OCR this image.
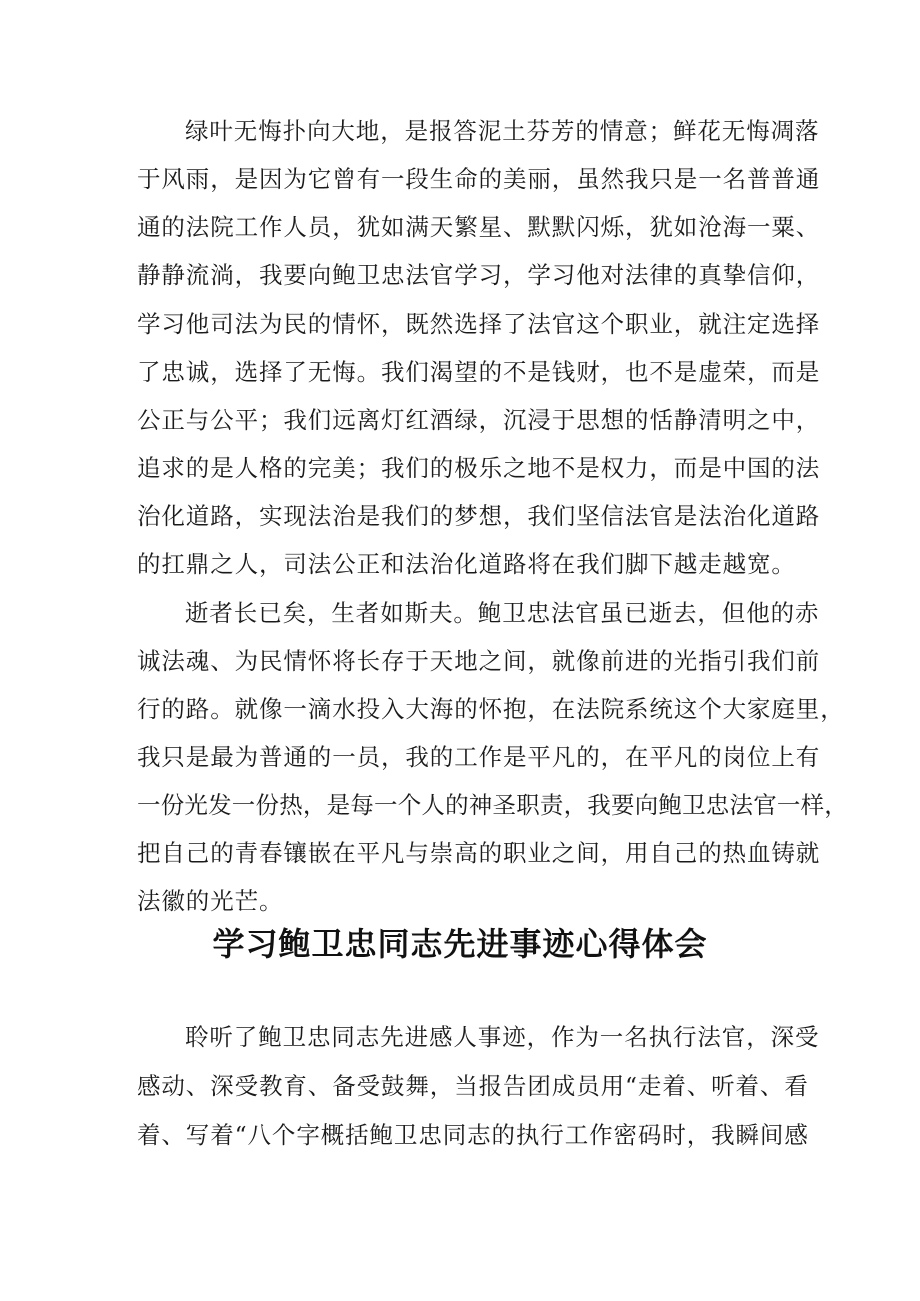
绿叶无悔扑向大地，是报答泥土芬芳的情意；鲜花无悔凋落
于风雨，是因为它曾有一段生命的美丽，虽然我只是一名普普通
通的法院工作人员，犹如满天繁星、默默闪烁，犹如沧海一粟、
静静流淌，我要向鲍卫忠法官学习，学习他对法律的真挚信仰，
学习他司法为民的情怀，既然选择了法官这个职业，就注定选择
了忠诚，选择了无悔。我们渴望的不是钱财，也不是虚荣，而是
公正与公平；我们远离灯红酒绿，沉浸于思想的恬静清明之中，
追求的是人格的完美；我们的极乐之地不是权力，而是中国的法
治化道路，实现法治是我们的梦想，我们坚信法官是法治化道路
的扛鼎之人，司法公正和法治化道路将在我们脚下越走越宽。
逝者长已矣，生者如斯夫。鲍卫忠法官虽已逝去，但他的赤
诚法魂、为民情怀将长存于天地之间，就像前进的光指引我们前
行的路。就像一滴水投入大海的怀抱，在法院系统这个大家庭里，
我只是最为普通的一员，我的工作是平凡的，在平凡的岗位上有
一份光发一份热，是每一个人的神圣职责，我要向鲍卫忠法官一样，
把自己的青春镶嵌在平凡与崇高的职业之间，用自己的热血铸就
法徽的光芒。
学习鲍卫忠同志先进事迹心得体会
聆听了鲍卫忠同志先进感人事迹，作为一名执行法官，深受
感动、深受教育、备受鼓舞，当报告团成员用“走着、听着、看
着、写着“八个字概括鲍卫忠同志的执行工作密码时，我瞬间感
